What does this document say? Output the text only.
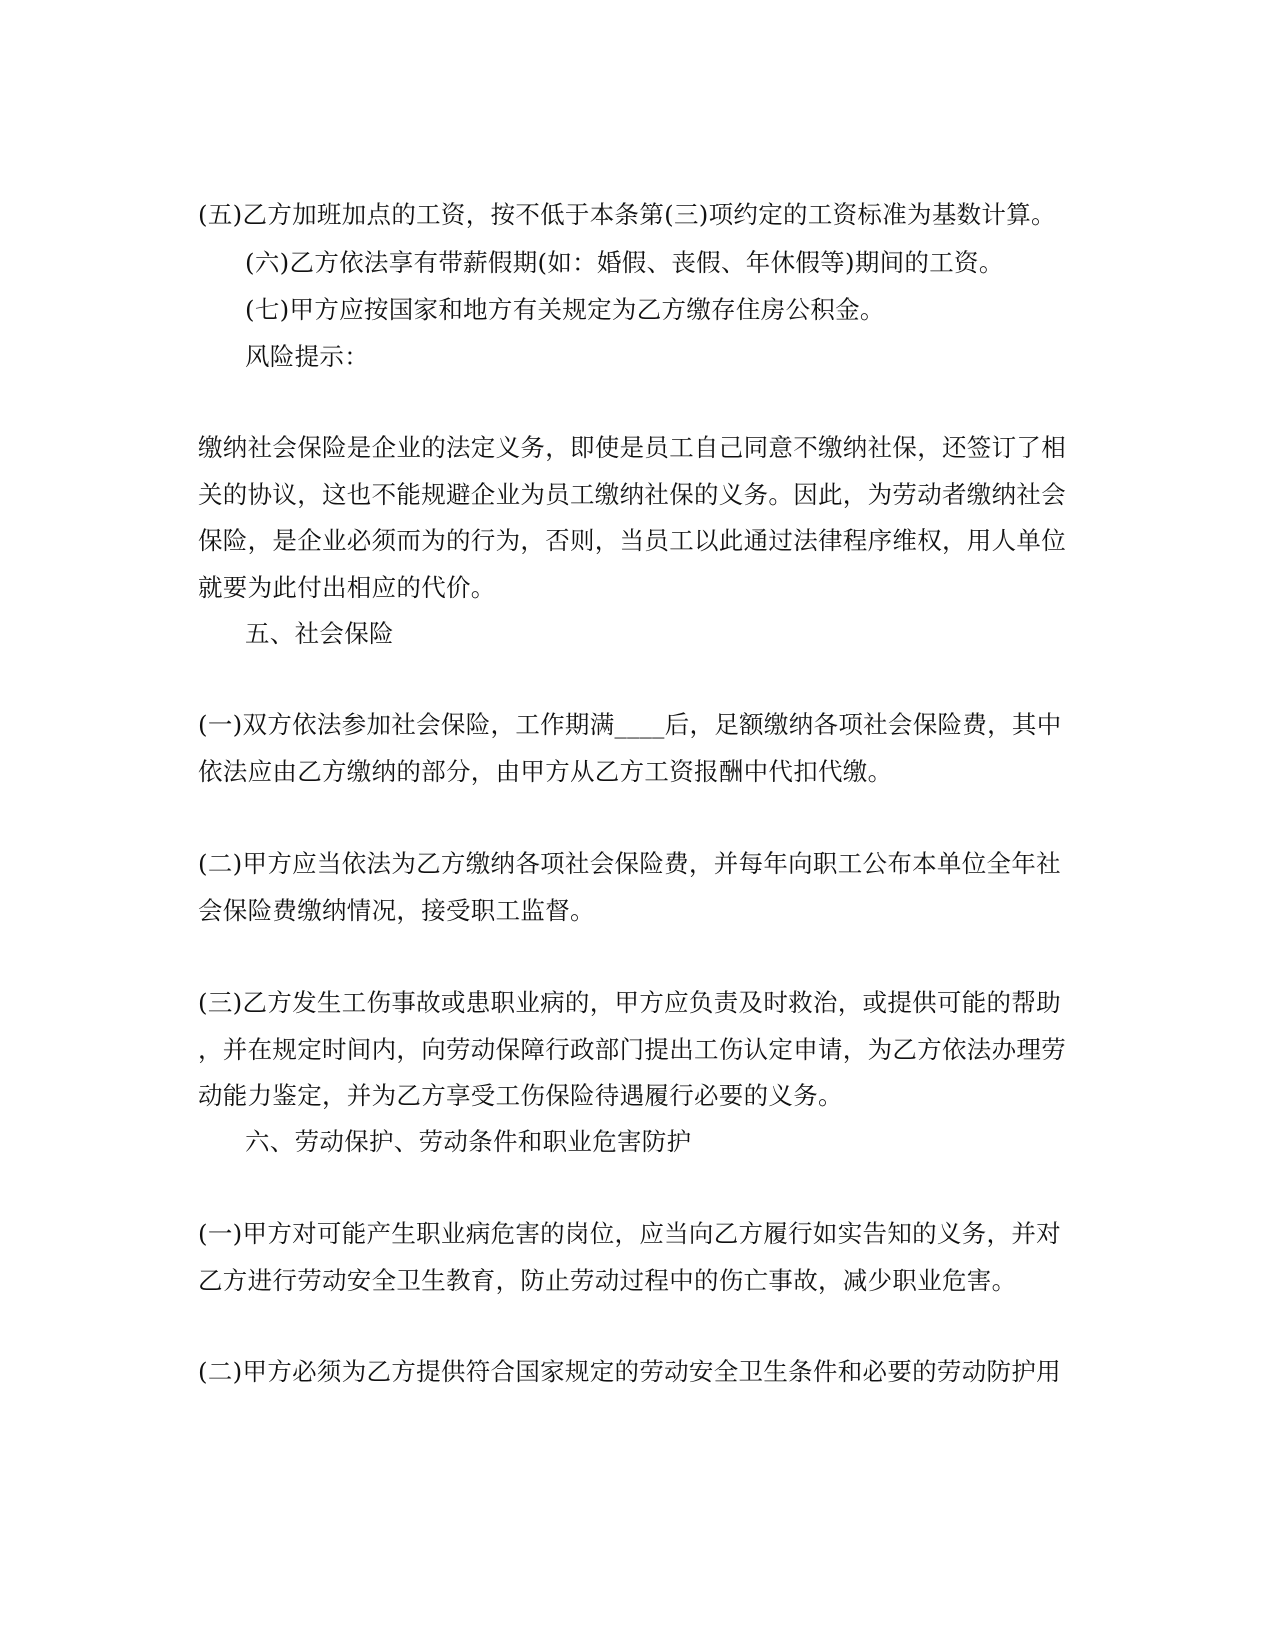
(五)乙方加班加点的工资，按不低于本条第(三)项约定的工资标准为基数计算。
(六)乙方依法享有带薪假期(如：婚假、丧假、年休假等)期间的工资。
(七)甲方应按国家和地方有关规定为乙方缴存住房公积金。
风险提示：
缴纳社会保险是企业的法定义务，即使是员工自己同意不缴纳社保，还签订了相
关的协议，这也不能规避企业为员工缴纳社保的义务。因此，为劳动者缴纳社会
保险，是企业必须而为的行为，否则，当员工以此通过法律程序维权，用人单位
就要为此付出相应的代价。
五、社会保险
(一)双方依法参加社会保险，工作期满____后，足额缴纳各项社会保险费，其中
依法应由乙方缴纳的部分，由甲方从乙方工资报酬中代扣代缴。
(二)甲方应当依法为乙方缴纳各项社会保险费，并每年向职工公布本单位全年社
会保险费缴纳情况，接受职工监督。
(三)乙方发生工伤事故或患职业病的，甲方应负责及时救治，或提供可能的帮助
，并在规定时间内，向劳动保障行政部门提出工伤认定申请，为乙方依法办理劳
动能力鉴定，并为乙方享受工伤保险待遇履行必要的义务。
六、劳动保护、劳动条件和职业危害防护
(一)甲方对可能产生职业病危害的岗位，应当向乙方履行如实告知的义务，并对
乙方进行劳动安全卫生教育，防止劳动过程中的伤亡事故，减少职业危害。
(二)甲方必须为乙方提供符合国家规定的劳动安全卫生条件和必要的劳动防护用
